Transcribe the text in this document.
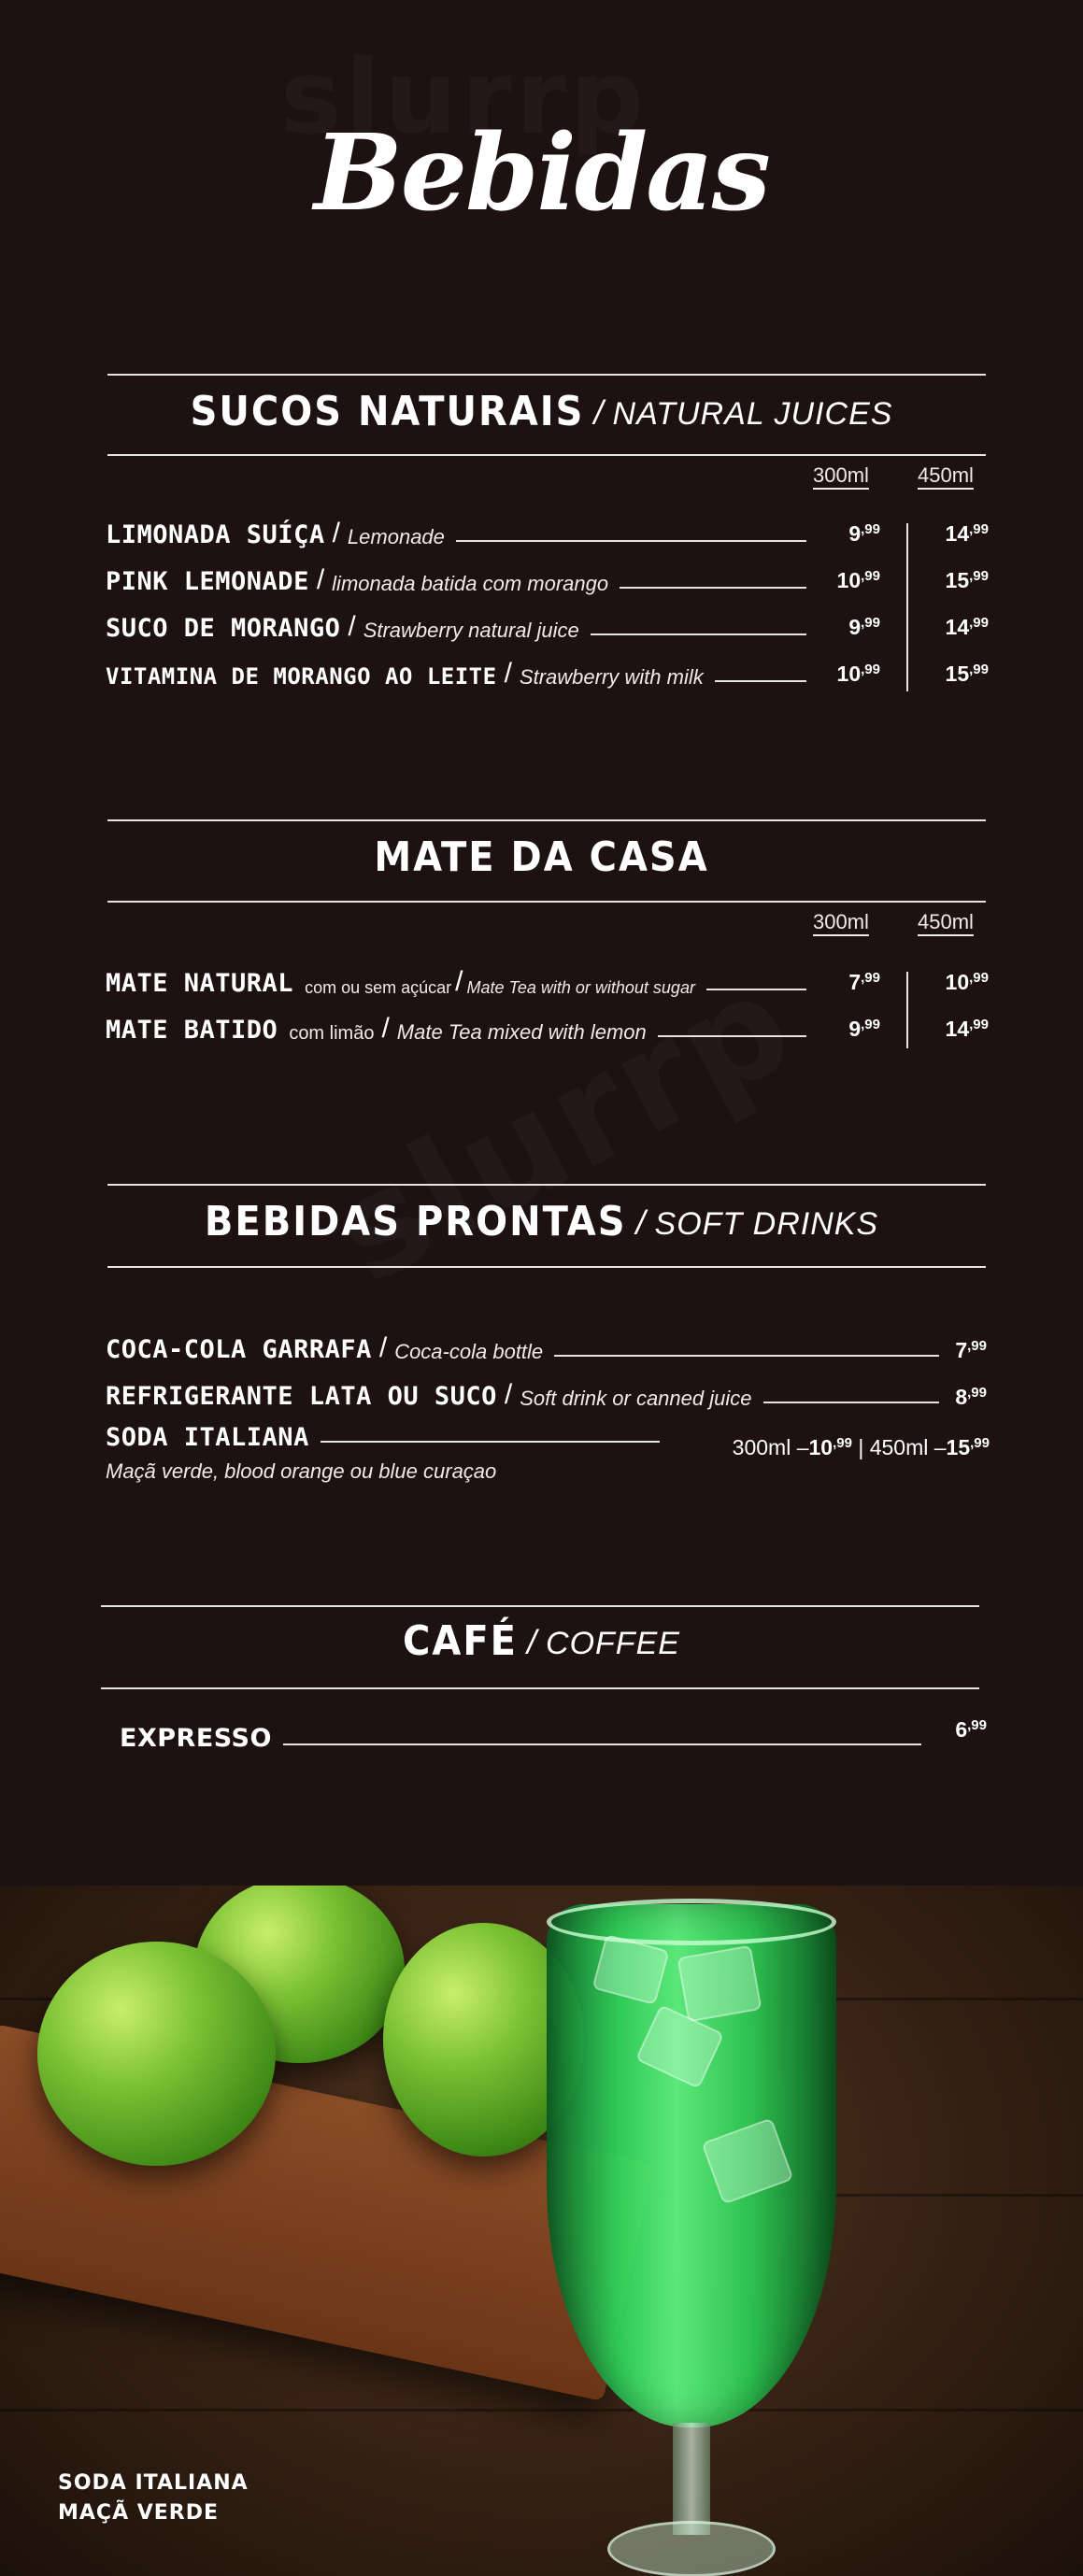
Bebidas
SUCOS NATURAIS / NATURAL JUICES
300ml 450ml
LIMONADA SUÍÇA / Lemonade	$9^{,99}$	$14^{,99}$
PINK LEMONADE / limonada batida com morango	$10^{,99}$	$15^{,99}$
SUCO DE MORANGO / Strawberry natural juice	$9^{,99}$	$14^{,99}$
VITAMINA DE MORANGO AO LEITE / Strawberry with milk	$10^{,99}$	$15^{,99}$
MATE DA CASA
300ml 450ml
MATE NATURAL com ou sem açúcar / Mate Tea with or without sugar	$7^{,99}$	$10^{,99}$
MATE BATIDO com limão / Mate Tea mixed with lemon	$9^{,99}$	$14^{,99}$
BEBIDAS PRONTAS / SOFT DRINKS
COCA-COLA GARRAFA / Coca-cola bottle	$7^{,99}$
REFRIGERANTE LATA OU SUCO / Soft drink or canned juice	$8^{,99}$
SODA ITALIANA	300ml $-10^{,99}$ | 450ml $-15^{,99}$
Maçã verde, blood orange ou blue curaçao
CAFÉ / COFFEE
EXPRESSO	$6^{,99}$
SODA ITALIANA
MAÇÃ VERDE
